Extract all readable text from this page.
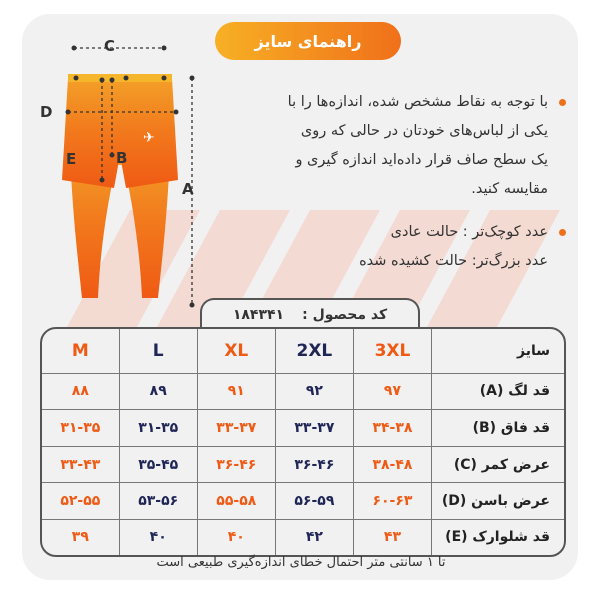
راهنمای سایز
✈
C
D
E	B
A

با توجه به نقاط مشخص شده، اندازه‌ها را با یکی از لباس‌های خودتان در حالی که روی یک سطح صاف قرار داده‌اید اندازه گیری و مقایسه کنید.

عدد کوچک‌تر : حالت عادی

عدد بزرگ‌تر: حالت کشیده شده

کد محصول :
۱۸۴۳۴۱
سایز	3XL	2XL	XL	L	M
قد لگ (A)	۹۷	۹۲	۹۱	۸۹	۸۸
قد فاق (B)	۳۴-۳۸	۳۳-۳۷	۳۳-۳۷	۳۱-۳۵	۳۱-۳۵
عرض کمر (C)	۳۸-۴۸	۳۶-۴۶	۳۶-۴۶	۳۵-۴۵	۳۳-۴۳
عرض باسن (D)	۶۰-۶۳	۵۶-۵۹	۵۵-۵۸	۵۳-۵۶	۵۲-۵۵
قد شلوارک (E)	۴۳	۴۲	۴۰	۴۰	۳۹
تا ۱ سانتی متر احتمال خطای اندازه‌گیری طبیعی است
